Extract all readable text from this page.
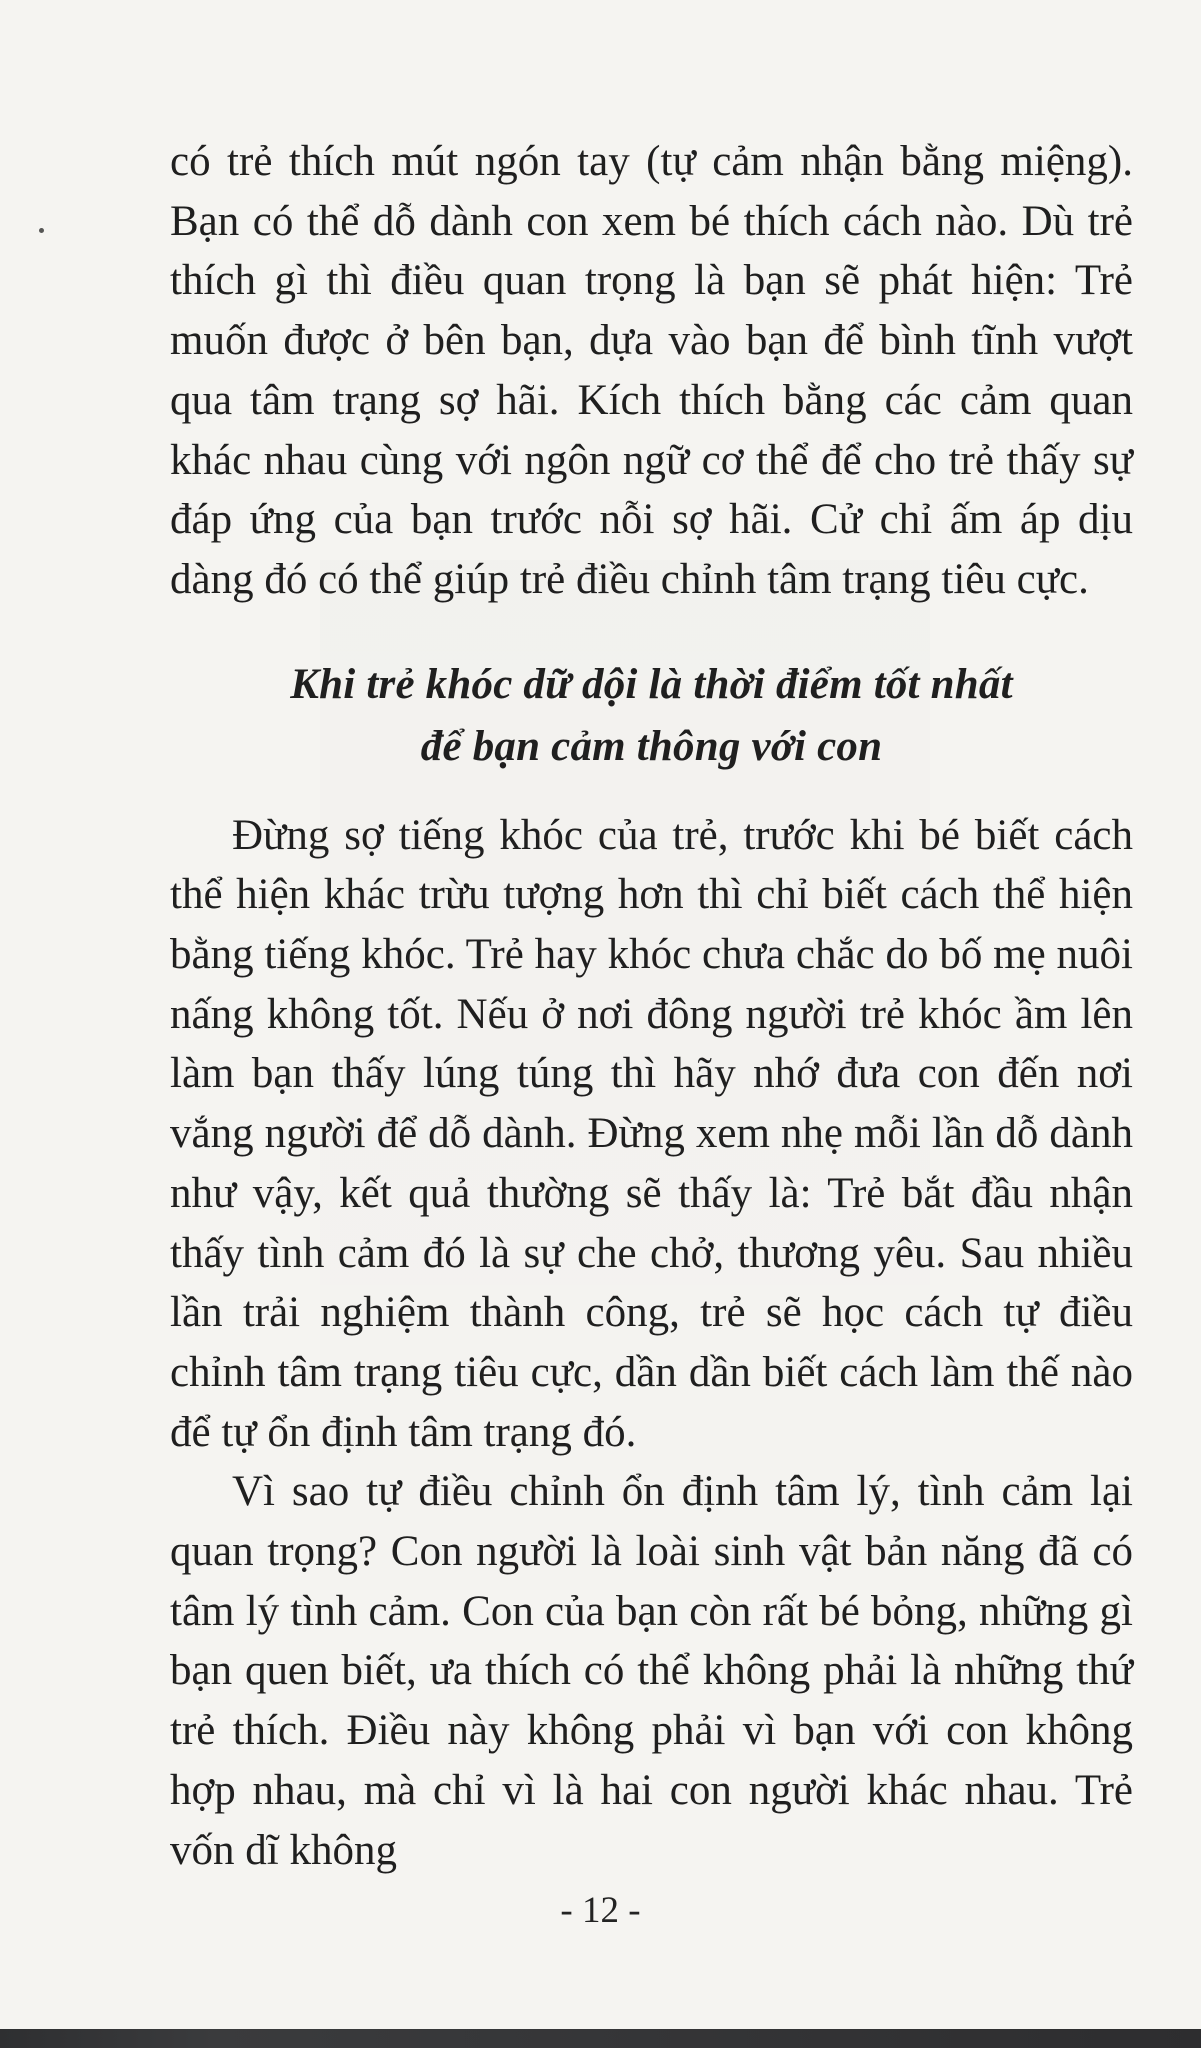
có trẻ thích mút ngón tay (tự cảm nhận bằng miệng). Bạn có thể dỗ dành con xem bé thích cách nào. Dù trẻ thích gì thì điều quan trọng là bạn sẽ phát hiện: Trẻ muốn được ở bên bạn, dựa vào bạn để bình tĩnh vượt qua tâm trạng sợ hãi. Kích thích bằng các cảm quan khác nhau cùng với ngôn ngữ cơ thể để cho trẻ thấy sự đáp ứng của bạn trước nỗi sợ hãi. Cử chỉ ấm áp dịu dàng đó có thể giúp trẻ điều chỉnh tâm trạng tiêu cực.

Khi trẻ khóc dữ dội là thời điểm tốt nhất
để bạn cảm thông với con

Đừng sợ tiếng khóc của trẻ, trước khi bé biết cách thể hiện khác trừu tượng hơn thì chỉ biết cách thể hiện bằng tiếng khóc. Trẻ hay khóc chưa chắc do bố mẹ nuôi nấng không tốt. Nếu ở nơi đông người trẻ khóc ầm lên làm bạn thấy lúng túng thì hãy nhớ đưa con đến nơi vắng người để dỗ dành. Đừng xem nhẹ mỗi lần dỗ dành như vậy, kết quả thường sẽ thấy là: Trẻ bắt đầu nhận thấy tình cảm đó là sự che chở, thương yêu. Sau nhiều lần trải nghiệm thành công, trẻ sẽ học cách tự điều chỉnh tâm trạng tiêu cực, dần dần biết cách làm thế nào để tự ổn định tâm trạng đó.

Vì sao tự điều chỉnh ổn định tâm lý, tình cảm lại quan trọng? Con người là loài sinh vật bản năng đã có tâm lý tình cảm. Con của bạn còn rất bé bỏng, những gì bạn quen biết, ưa thích có thể không phải là những thứ trẻ thích. Điều này không phải vì bạn với con không hợp nhau, mà chỉ vì là hai con người khác nhau. Trẻ vốn dĩ không

- 12 -
